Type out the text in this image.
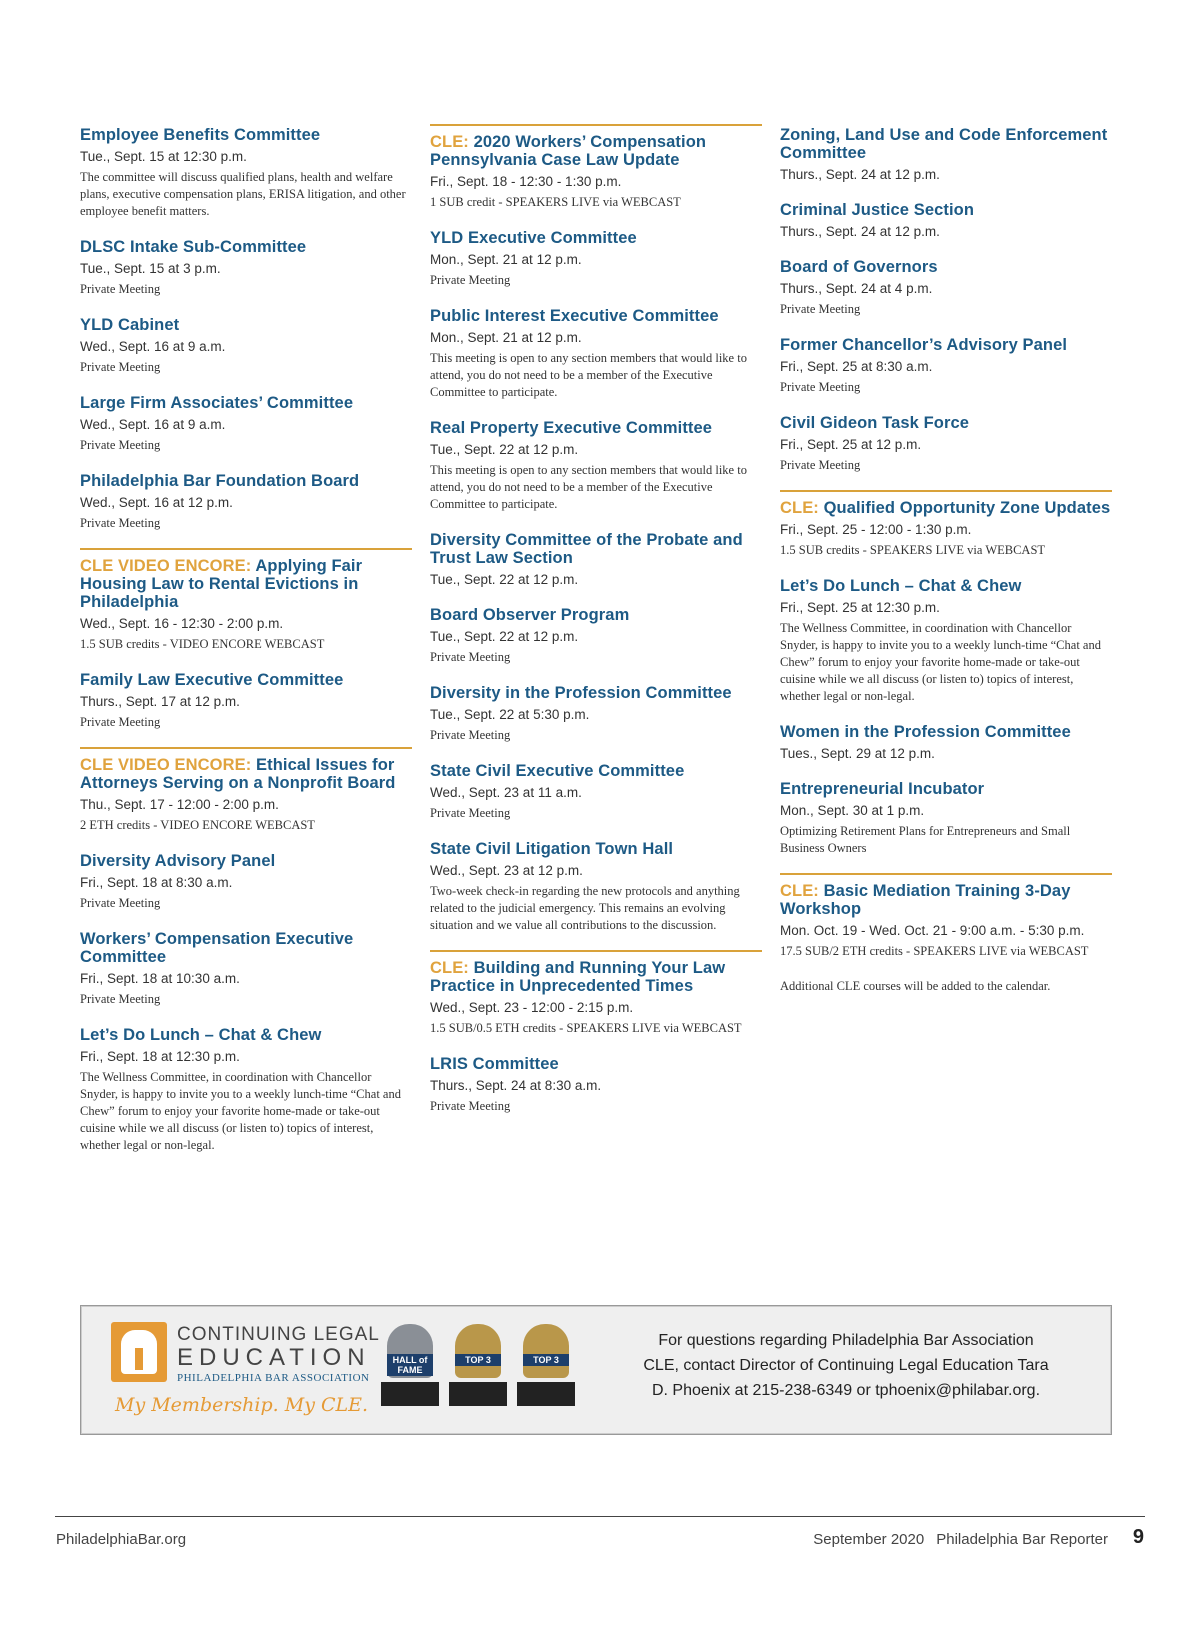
Employee Benefits Committee
Tue., Sept. 15 at 12:30 p.m.
The committee will discuss qualified plans, health and welfare plans, executive compensation plans, ERISA litigation, and other employee benefit matters.
DLSC Intake Sub-Committee
Tue., Sept. 15 at 3 p.m.
Private Meeting
YLD Cabinet
Wed., Sept. 16 at 9 a.m.
Private Meeting
Large Firm Associates’ Committee
Wed., Sept. 16 at 9 a.m.
Private Meeting
Philadelphia Bar Foundation Board
Wed., Sept. 16 at 12 p.m.
Private Meeting
CLE VIDEO ENCORE: Applying Fair Housing Law to Rental Evictions in Philadelphia
Wed., Sept. 16 - 12:30 - 2:00 p.m.
1.5 SUB credits - VIDEO ENCORE WEBCAST
Family Law Executive Committee
Thurs., Sept. 17 at 12 p.m.
Private Meeting
CLE VIDEO ENCORE: Ethical Issues for Attorneys Serving on a Nonprofit Board
Thu., Sept. 17 - 12:00 - 2:00 p.m.
2 ETH credits - VIDEO ENCORE WEBCAST
Diversity Advisory Panel
Fri., Sept. 18 at 8:30 a.m.
Private Meeting
Workers’ Compensation Executive Committee
Fri., Sept. 18 at 10:30 a.m.
Private Meeting
Let’s Do Lunch – Chat & Chew
Fri., Sept. 18 at 12:30 p.m.
The Wellness Committee, in coordination with Chancellor Snyder, is happy to invite you to a weekly lunch-time “Chat and Chew” forum to enjoy your favorite home-made or take-out cuisine while we all discuss (or listen to) topics of interest, whether legal or non-legal.
CLE: 2020 Workers’ Compensation Pennsylvania Case Law Update
Fri., Sept. 18 - 12:30 - 1:30 p.m.
1 SUB credit - SPEAKERS LIVE via WEBCAST
YLD Executive Committee
Mon., Sept. 21 at 12 p.m.
Private Meeting
Public Interest Executive Committee
Mon., Sept. 21 at 12 p.m.
This meeting is open to any section members that would like to attend, you do not need to be a member of the Executive Committee to participate.
Real Property Executive Committee
Tue., Sept. 22 at 12 p.m.
This meeting is open to any section members that would like to attend, you do not need to be a member of the Executive Committee to participate.
Diversity Committee of the Probate and Trust Law Section
Tue., Sept. 22 at 12 p.m.
Board Observer Program
Tue., Sept. 22 at 12 p.m.
Private Meeting
Diversity in the Profession Committee
Tue., Sept. 22 at 5:30 p.m.
Private Meeting
State Civil Executive Committee
Wed., Sept. 23 at 11 a.m.
Private Meeting
State Civil Litigation Town Hall
Wed., Sept. 23 at 12 p.m.
Two-week check-in regarding the new protocols and anything related to the judicial emergency. This remains an evolving situation and we value all contributions to the discussion.
CLE: Building and Running Your Law Practice in Unprecedented Times
Wed., Sept. 23 - 12:00 - 2:15 p.m.
1.5 SUB/0.5 ETH credits - SPEAKERS LIVE via WEBCAST
LRIS Committee
Thurs., Sept. 24 at 8:30 a.m.
Private Meeting
Zoning, Land Use and Code Enforcement Committee
Thurs., Sept. 24 at 12 p.m.
Criminal Justice Section
Thurs., Sept. 24 at 12 p.m.
Board of Governors
Thurs., Sept. 24 at 4 p.m.
Private Meeting
Former Chancellor’s Advisory Panel
Fri., Sept. 25 at 8:30 a.m.
Private Meeting
Civil Gideon Task Force
Fri., Sept. 25 at 12 p.m.
Private Meeting
CLE: Qualified Opportunity Zone Updates
Fri., Sept. 25 - 12:00 - 1:30 p.m.
1.5 SUB credits - SPEAKERS LIVE via WEBCAST
Let’s Do Lunch – Chat & Chew
Fri., Sept. 25 at 12:30 p.m.
The Wellness Committee, in coordination with Chancellor Snyder, is happy to invite you to a weekly lunch-time “Chat and Chew” forum to enjoy your favorite home-made or take-out cuisine while we all discuss (or listen to) topics of interest, whether legal or non-legal.
Women in the Profession Committee
Tues., Sept. 29 at 12 p.m.
Entrepreneurial Incubator
Mon., Sept. 30 at 1 p.m.
Optimizing Retirement Plans for Entrepreneurs and Small Business Owners
CLE: Basic Mediation Training 3-Day Workshop
Mon. Oct. 19 - Wed. Oct. 21 - 9:00 a.m. - 5:30 p.m.
17.5 SUB/2 ETH credits - SPEAKERS LIVE via WEBCAST
Additional CLE courses will be added to the calendar.
CONTINUING LEGAL
EDUCATION
PHILADELPHIA BAR ASSOCIATION
My Membership. My CLE.
HALL of FAME
TOP 3	TOP 3
For questions regarding Philadelphia Bar Association CLE, contact Director of Continuing Legal Education Tara D. Phoenix at 215-238-6349 or tphoenix@philabar.org.
PhiladelphiaBar.org	September 2020 Philadelphia Bar Reporter 9
